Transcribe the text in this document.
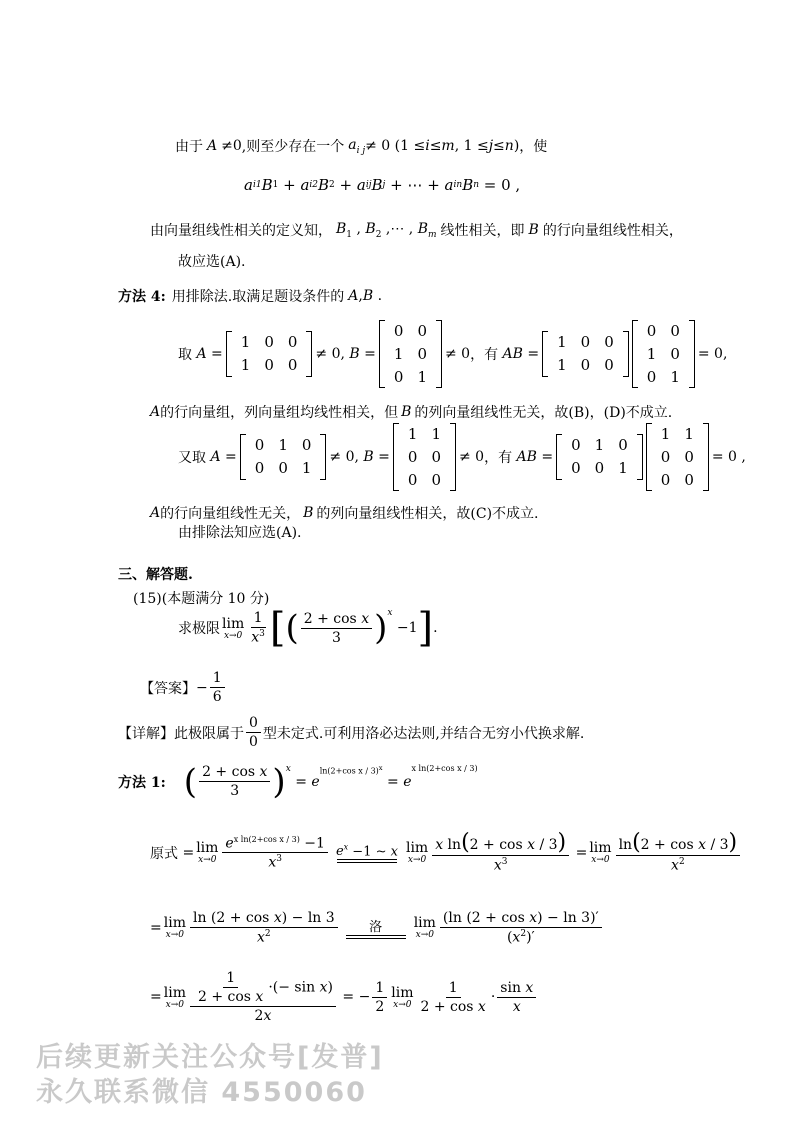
由于 A ≠0 ,则至少存在一个 $a_{i j} \ne 0$ (1 ≤ i ≤ m , 1 ≤ j ≤ n ) ，使
a i1 B 1 + a i2 B 2 + a ij B j + ⋯ + a in B n = 0 ,
由向量组线性相关的定义知， $B_1$ , $B_2$ ,⋯ , $B_m$ 线性相关，即 B 的行向量组线性相关，
故应选(A).
方法 4: 用排除法.取满足题设条件的 A , B .
取
A =
1	0	0
1	0	0
≠ 0, B =
0	0
1	0
0	1
≠ 0 ，有
AB =
1	0	0
1	0	0
0	0
1	0
0	1
= 0,
A 的行向量组，列向量组均线性相关，但 B 的列向量组线性无关，故(B)，(D)不成立.
又取
A =
0	1	0
0	0	1
≠ 0, B =
1	1
0	0
0	0
≠ 0 ，有
AB =
0	1	0
0	0	1
1	1
0	0
0	0
= 0 ,
A 的行向量组线性无关， B 的列向量组线性相关，故(C)不成立.
由排除法知应选(A).
三、解答题.
(15)(本题满分 10 分)
求极限 lim
$x\to 0 \frac{1}{x^3}$ [ ( $\frac{\text{2 + cos x}}{3}$ ) x
−1 ] .
【答案】 − $\frac{1}{6}$
【详解】 此极限属于 $\frac{0}{0}$ 型未定式.可利用洛必达法则,并结合无穷小代换求解.
方法 1: ( $\frac{\text{2 + cos x}}{3}$ ) x
= e
ln(2+cos x / 3)$^x$
= e
x ln(2+cos x / 3)
原式 = lim
$x\to 0 \frac{e^{x ln(2+cos x / 3)} -1}{x^3} e^x -1$ ∼ x lim
$x\to 0 \frac{\text{x ln(2 + cos x / 3)}}{x^3} = \lim$
$x\to 0 \frac{\text{ln(2 + cos x / 3)}}{x^2}$
= lim
$x\to 0 \frac{\text{ln (2 + cos x) − ln 3}}{x^2}$ 洛 lim
$x\to 0 \frac{\text{(ln (2 + cos x) − ln 3)′}}{(x^2)'}$
= lim
$x\to 0 \frac{\frac{1}{\text{2 + cos x}} \cdot(- \sin x)}{2x}$ = − $\frac{1}{2}$ lim
$x\to 0 \frac{1}{\text{2 + cos x}} \cdot \frac{\text{sin x}}{x}$
后续更新关注公众号[发普]
永久联系微信 4550060
